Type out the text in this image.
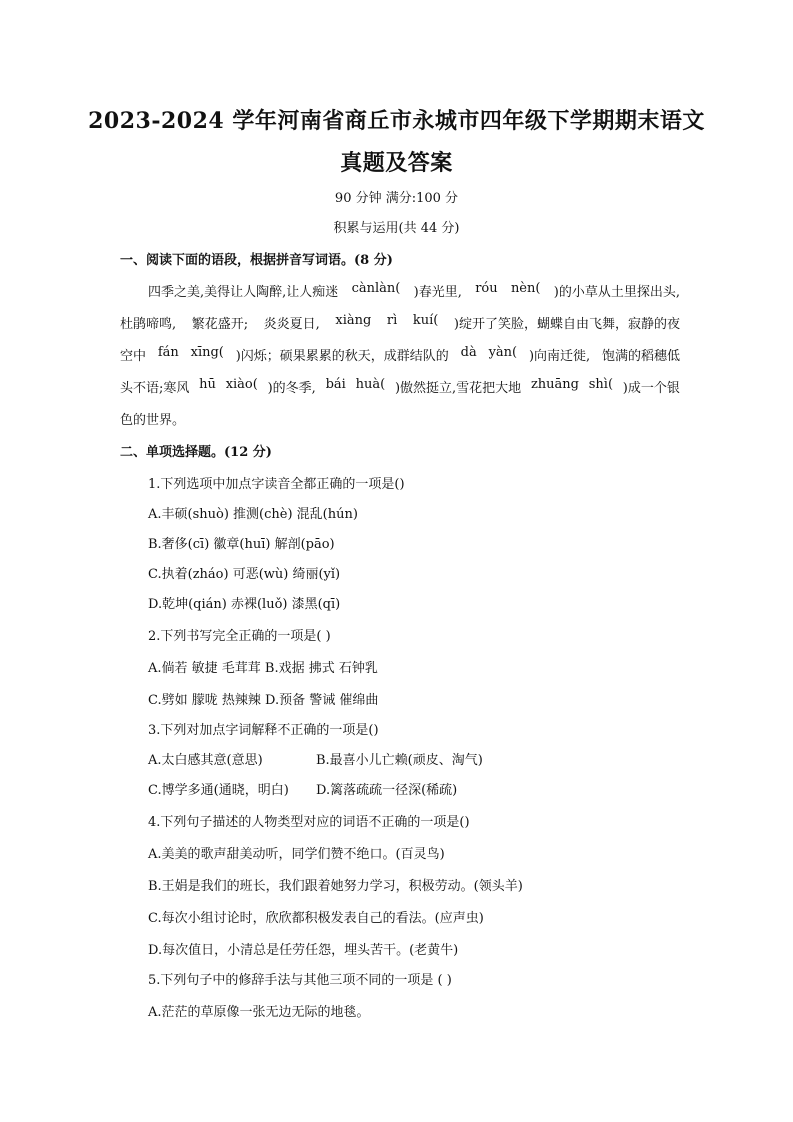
2023-2024 学年河南省商丘市永城市四年级下学期期末语文
真题及答案
90 分钟 满分:100 分
积累与运用(共 44 分)
一、阅读下面的语段，根据拼音写词语。(8 分)
四季之美,美得让人陶醉,让人痴迷 cànlàn( )春光里, róu nèn( )的小草从土里探出头,
杜鹃啼鸣, 繁花盛开; 炎炎夏日, xiàng rì kuí( )绽开了笑脸，蝴蝶自由飞舞，寂静的夜
空中 fán xīng( )闪烁；硕果累累的秋天，成群结队的 dà yàn( )向南迁徙, 饱满的稻穗低
头不语;寒风 hū xiào( )的冬季, bái huà( )傲然挺立,雪花把大地 zhuāng shì( )成一个银
色的世界。
二、单项选择题。(12 分)
1.下列选项中加点字读音全都正确的一项是()
A.丰硕(shuò) 推测(chè) 混乱(hún)
B.奢侈(cī) 徽章(huī) 解剖(pāo)
C.执着(zháo) 可恶(wù) 绮丽(yǐ)
D.乾坤(qián) 赤裸(luǒ) 漆黑(qī)
2.下列书写完全正确的一项是( )
A.倘若 敏捷 毛茸茸 B.戏据 拂式 石钟乳
C.劈如 朦咙 热辣辣 D.预备 警诫 催绵曲
3.下列对加点字词解释不正确的一项是()
A.太白感其意(意思)	B.最喜小儿亡赖(顽皮、淘气)
C.博学多通(通晓，明白) D.篱落疏疏一径深(稀疏)
4.下列句子描述的人物类型对应的词语不正确的一项是()
A.美美的歌声甜美动听，同学们赞不绝口。(百灵鸟)
B.王娟是我们的班长，我们跟着她努力学习，积极劳动。(领头羊)
C.每次小组讨论时，欣欣都积极发表自己的看法。(应声虫)
D.每次值日，小清总是任劳任怨，埋头苦干。(老黄牛)
5.下列句子中的修辞手法与其他三项不同的一项是 ( )
A.茫茫的草原像一张无边无际的地毯。
